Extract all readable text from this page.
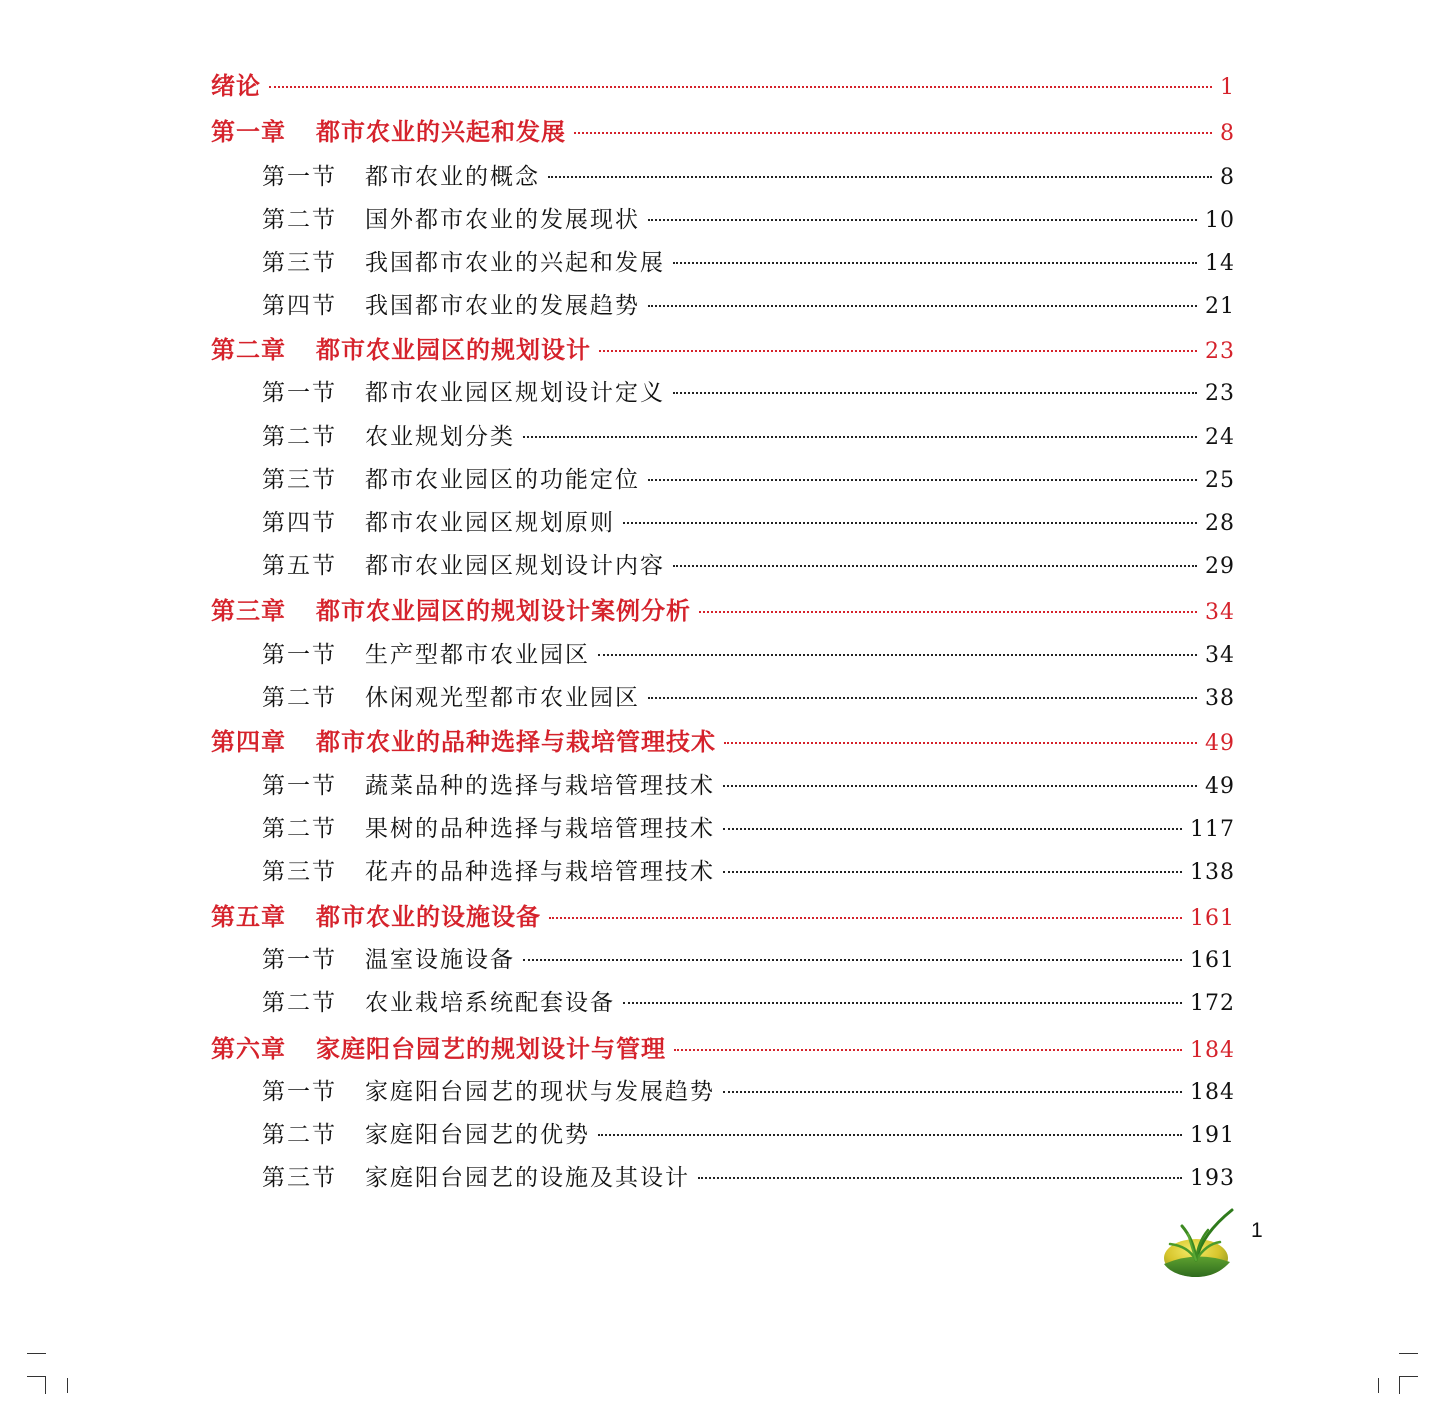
绪论	1
第一章 都市农业的兴起和发展	8
第一节 都市农业的概念	8
第二节 国外都市农业的发展现状	10
第三节 我国都市农业的兴起和发展	14
第四节 我国都市农业的发展趋势	21
第二章 都市农业园区的规划设计	23
第一节 都市农业园区规划设计定义	23
第二节 农业规划分类	24
第三节 都市农业园区的功能定位	25
第四节 都市农业园区规划原则	28
第五节 都市农业园区规划设计内容	29
第三章 都市农业园区的规划设计案例分析	34
第一节 生产型都市农业园区	34
第二节 休闲观光型都市农业园区	38
第四章 都市农业的品种选择与栽培管理技术	49
第一节 蔬菜品种的选择与栽培管理技术	49
第二节 果树的品种选择与栽培管理技术	117
第三节 花卉的品种选择与栽培管理技术	138
第五章 都市农业的设施设备	161
第一节 温室设施设备	161
第二节 农业栽培系统配套设备	172
第六章 家庭阳台园艺的规划设计与管理	184
第一节 家庭阳台园艺的现状与发展趋势	184
第二节 家庭阳台园艺的优势	191
第三节 家庭阳台园艺的设施及其设计	193
1
